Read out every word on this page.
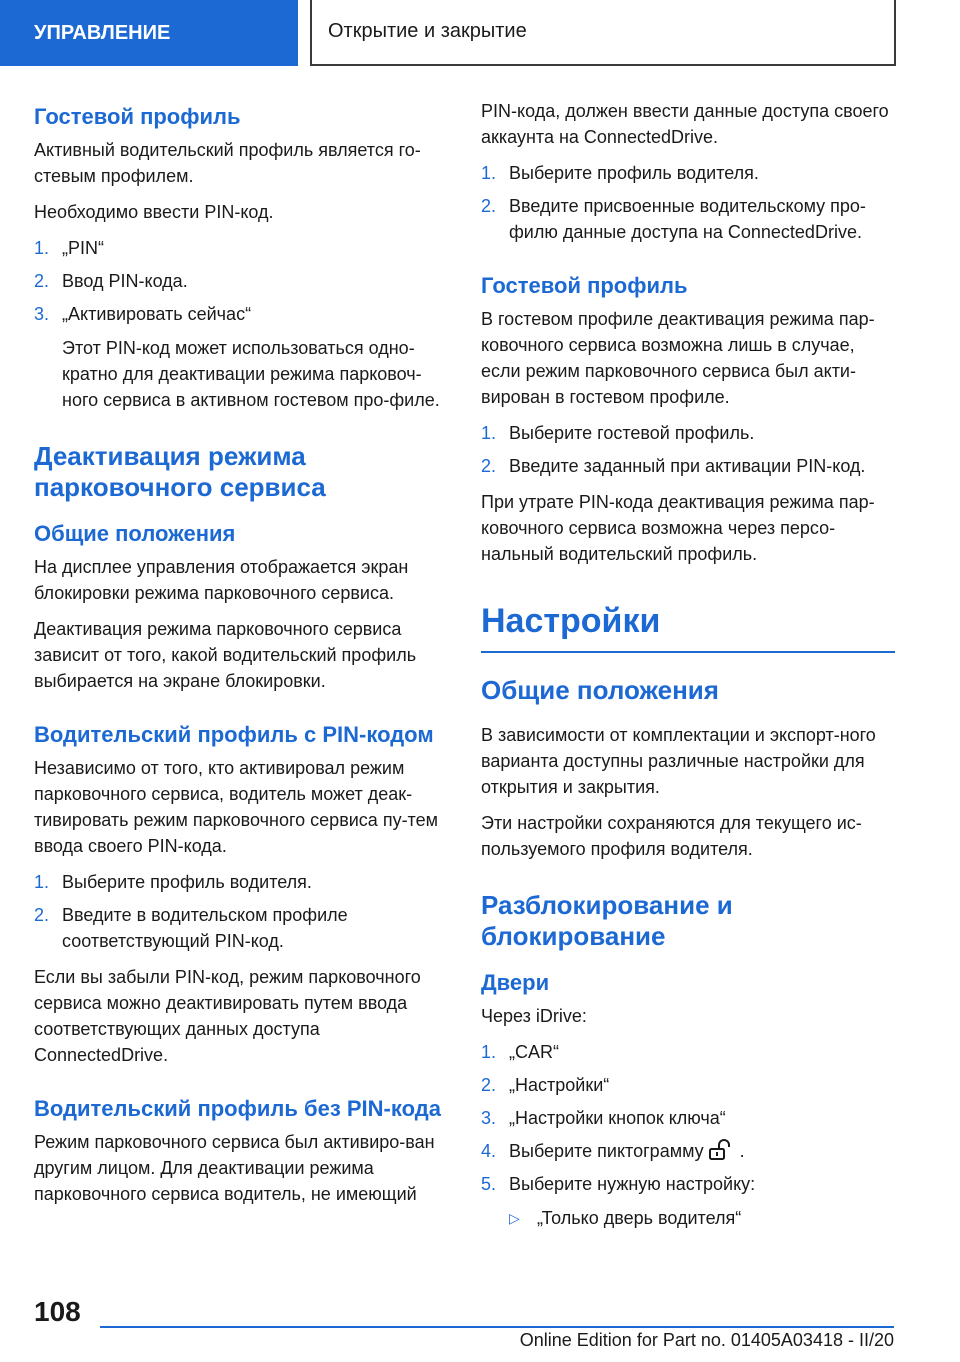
УПРАВЛЕНИЕ	Открытие и закрытие
Гостевой профиль

Активный водительский профиль является го-стевым профилем.

Необходимо ввести PIN-код.

1. „PIN“
2. Ввод PIN-кода.
3. „Активировать сейчас“
Этот PIN-код может использоваться одно-кратно для деактивации режима парковоч-ного сервиса в активном гостевом про-филе.
Деактивация режима парковочного сервиса
Общие положения

На дисплее управления отображается экран блокировки режима парковочного сервиса.

Деактивация режима парковочного сервиса зависит от того, какой водительский профиль выбирается на экране блокировки.

Водительский профиль с PIN-кодом

Независимо от того, кто активировал режим парковочного сервиса, водитель может деак-тивировать режим парковочного сервиса пу-тем ввода своего PIN-кода.

1. Выберите профиль водителя.
2. Введите в водительском профиле соответствующий PIN-код.

Если вы забыли PIN-код, режим парковочного сервиса можно деактивировать путем ввода соответствующих данных доступа ConnectedDrive.

Водительский профиль без PIN-кода

Режим парковочного сервиса был активиро-ван другим лицом. Для деактивации режима парковочного сервиса водитель, не имеющий

PIN-кода, должен ввести данные доступа своего аккаунта на ConnectedDrive.

1. Выберите профиль водителя.
2. Введите присвоенные водительскому про-филю данные доступа на ConnectedDrive.
Гостевой профиль

В гостевом профиле деактивация режима пар-ковочного сервиса возможна лишь в случае, если режим парковочного сервиса был акти-вирован в гостевом профиле.

1. Выберите гостевой профиль.
2. Введите заданный при активации PIN-код.

При утрате PIN-кода деактивация режима пар-ковочного сервиса возможна через персо-нальный водительский профиль.

Настройки
Общие положения

В зависимости от комплектации и экспорт-ного варианта доступны различные настройки для открытия и закрытия.

Эти настройки сохраняются для текущего ис-пользуемого профиля водителя.

Разблокирование и блокирование
Двери

Через iDrive:

1. „CAR“
2. „Настройки“
3. „Настройки кнопок ключа“
4. Выберите пиктограмму .
5. Выберите нужную настройку:
▷ „Только дверь водителя“
108
Online Edition for Part no. 01405A03418 - II/20
